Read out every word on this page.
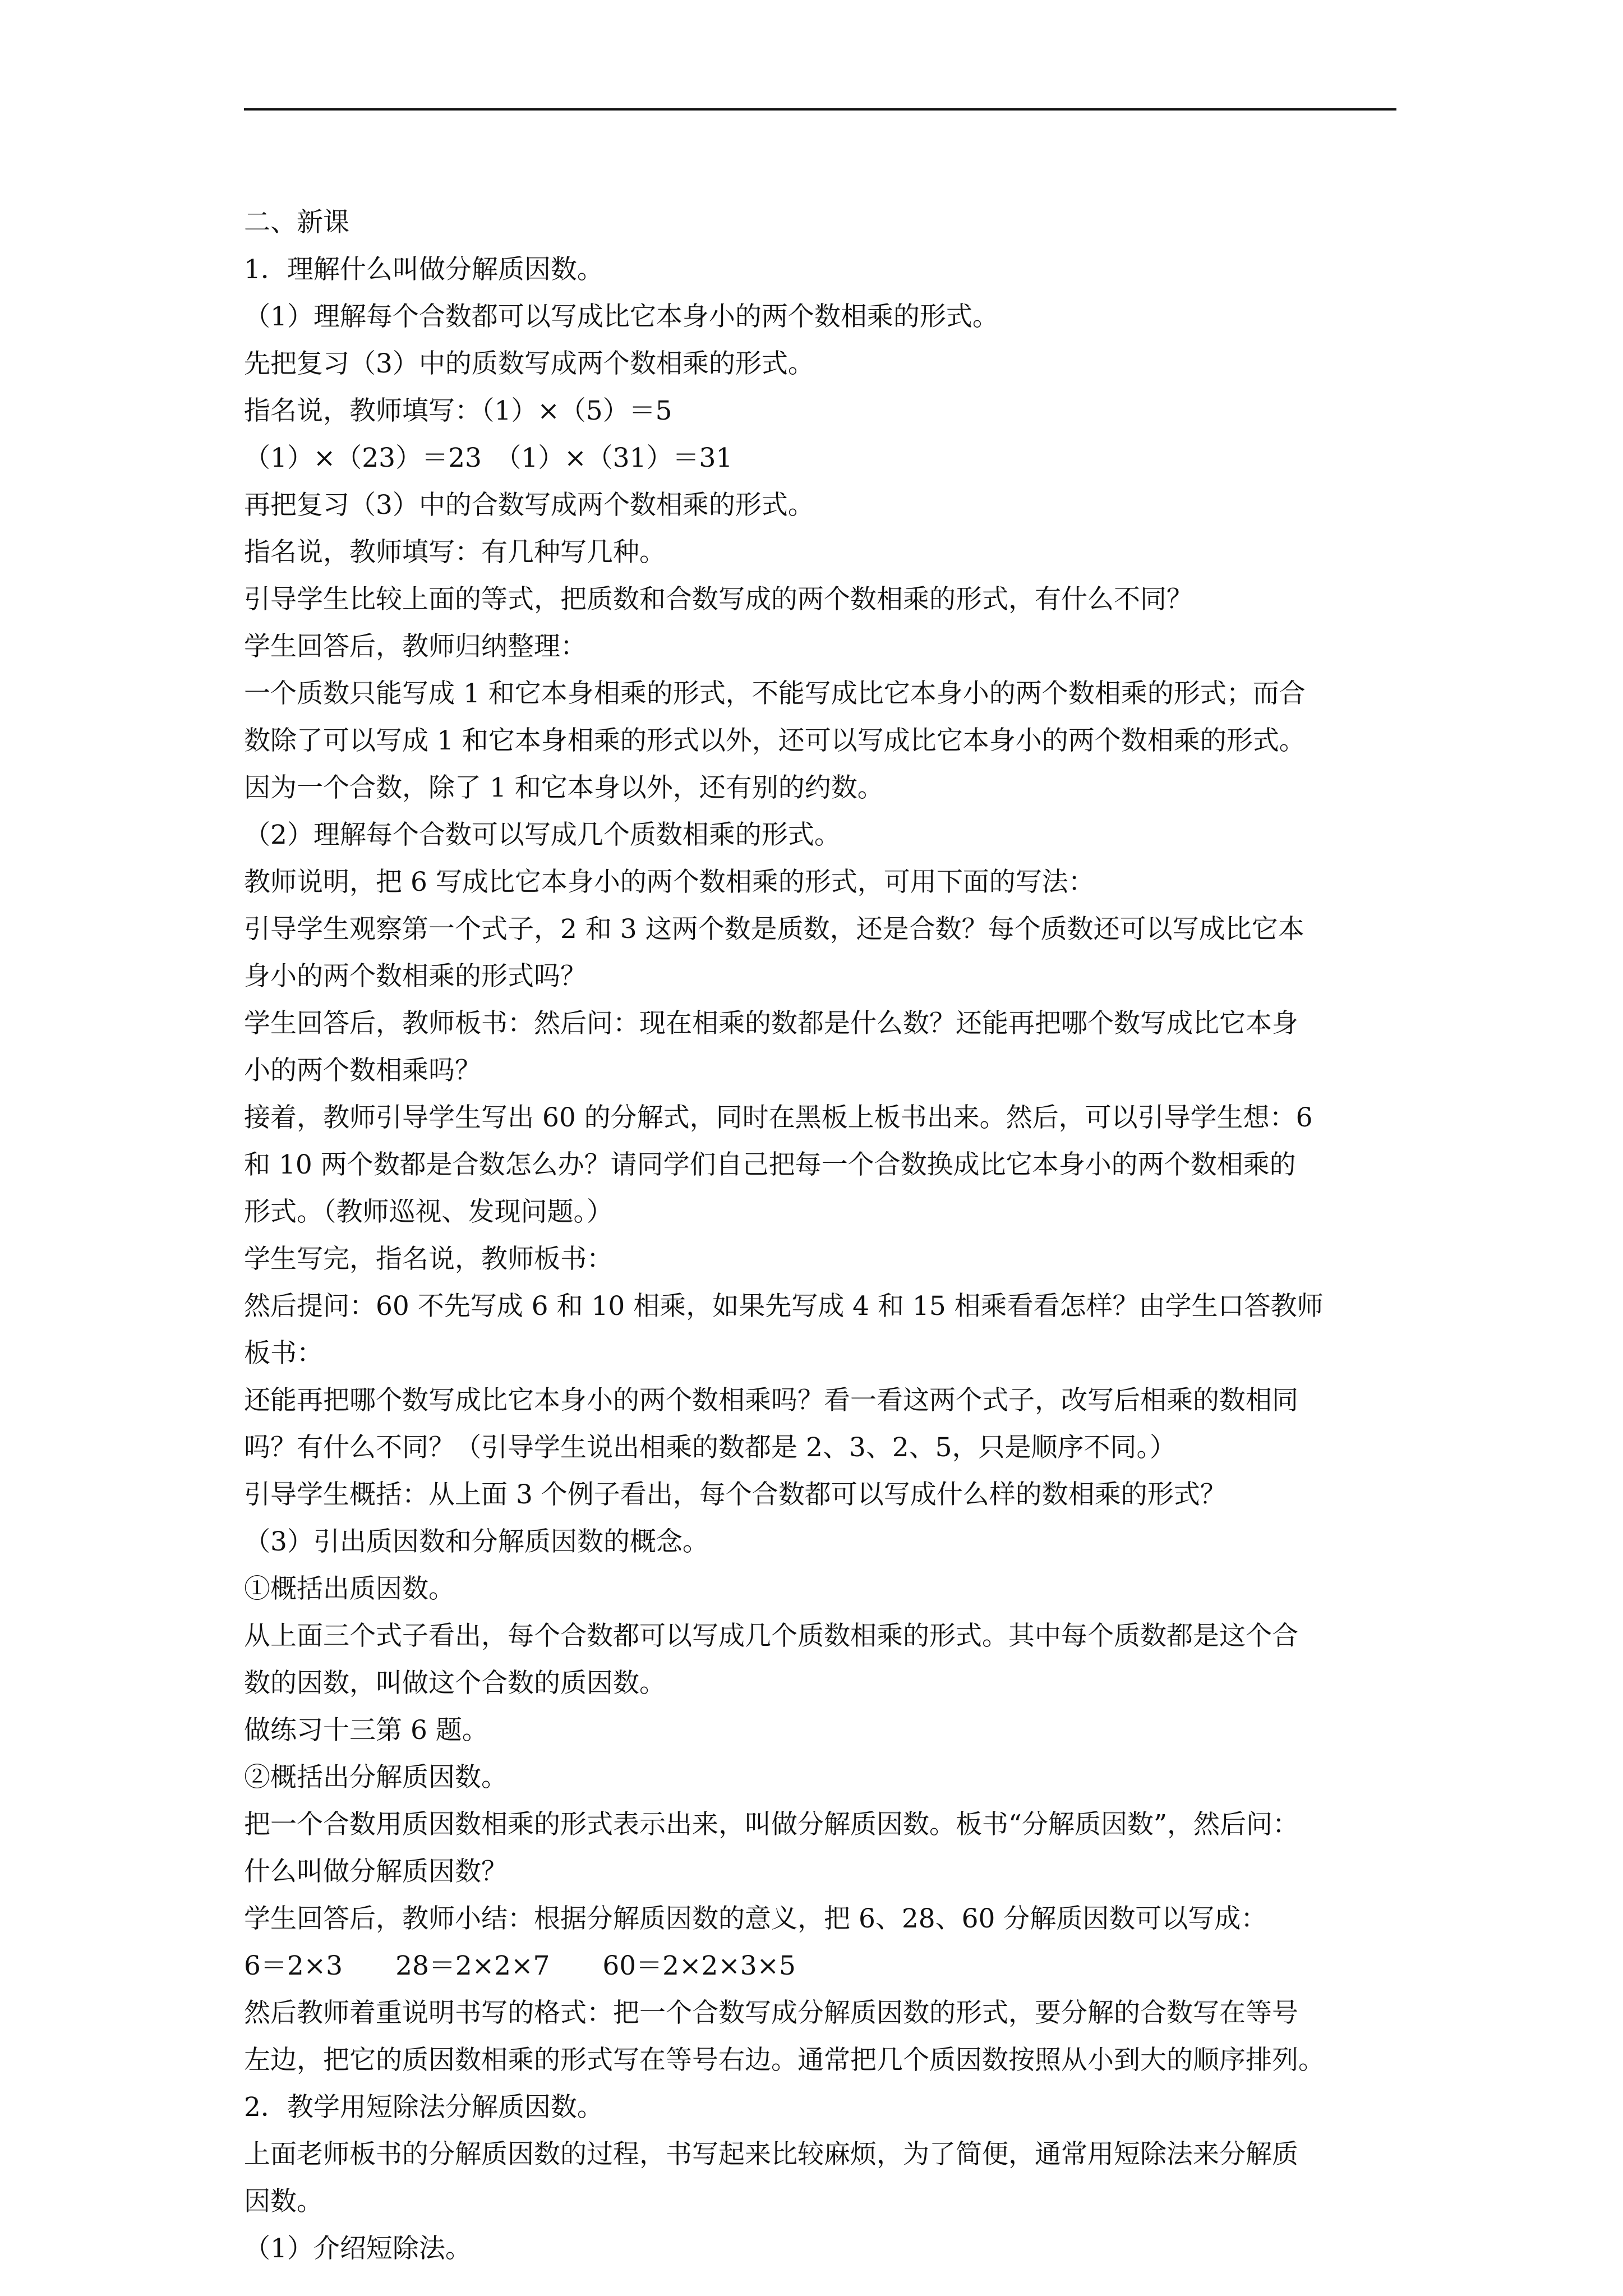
二、新课
1．理解什么叫做分解质因数。
（1）理解每个合数都可以写成比它本身小的两个数相乘的形式。
先把复习（3）中的质数写成两个数相乘的形式。
指名说，教师填写：（1）×（5）＝5
（1）×（23）＝23　（1）×（31）＝31
再把复习（3）中的合数写成两个数相乘的形式。
指名说，教师填写：有几种写几种。
引导学生比较上面的等式，把质数和合数写成的两个数相乘的形式，有什么不同？
学生回答后，教师归纳整理：
一个质数只能写成 1 和它本身相乘的形式，不能写成比它本身小的两个数相乘的形式；而合
数除了可以写成 1 和它本身相乘的形式以外，还可以写成比它本身小的两个数相乘的形式。
因为一个合数，除了 1 和它本身以外，还有别的约数。
（2）理解每个合数可以写成几个质数相乘的形式。
教师说明，把 6 写成比它本身小的两个数相乘的形式，可用下面的写法：
引导学生观察第一个式子，2 和 3 这两个数是质数，还是合数？每个质数还可以写成比它本
身小的两个数相乘的形式吗？
学生回答后，教师板书：然后问：现在相乘的数都是什么数？还能再把哪个数写成比它本身
小的两个数相乘吗？
接着，教师引导学生写出 60 的分解式，同时在黑板上板书出来。然后，可以引导学生想：6
和 10 两个数都是合数怎么办？请同学们自己把每一个合数换成比它本身小的两个数相乘的
形式。（教师巡视、发现问题。）
学生写完，指名说，教师板书：
然后提问：60 不先写成 6 和 10 相乘，如果先写成 4 和 15 相乘看看怎样？由学生口答教师
板书：
还能再把哪个数写成比它本身小的两个数相乘吗？看一看这两个式子，改写后相乘的数相同
吗？有什么不同？（引导学生说出相乘的数都是 2、3、2、5，只是顺序不同。）
引导学生概括：从上面 3 个例子看出，每个合数都可以写成什么样的数相乘的形式？
（3）引出质因数和分解质因数的概念。
①概括出质因数。
从上面三个式子看出，每个合数都可以写成几个质数相乘的形式。其中每个质数都是这个合
数的因数，叫做这个合数的质因数。
做练习十三第 6 题。
②概括出分解质因数。
把一个合数用质因数相乘的形式表示出来，叫做分解质因数。板书“分解质因数”，然后问：
什么叫做分解质因数？
学生回答后，教师小结：根据分解质因数的意义，把 6、28、60 分解质因数可以写成：
6＝2×3　　28＝2×2×7　　60＝2×2×3×5
然后教师着重说明书写的格式：把一个合数写成分解质因数的形式，要分解的合数写在等号
左边，把它的质因数相乘的形式写在等号右边。通常把几个质因数按照从小到大的顺序排列。
2．教学用短除法分解质因数。
上面老师板书的分解质因数的过程，书写起来比较麻烦，为了简便，通常用短除法来分解质
因数。
（1）介绍短除法。
